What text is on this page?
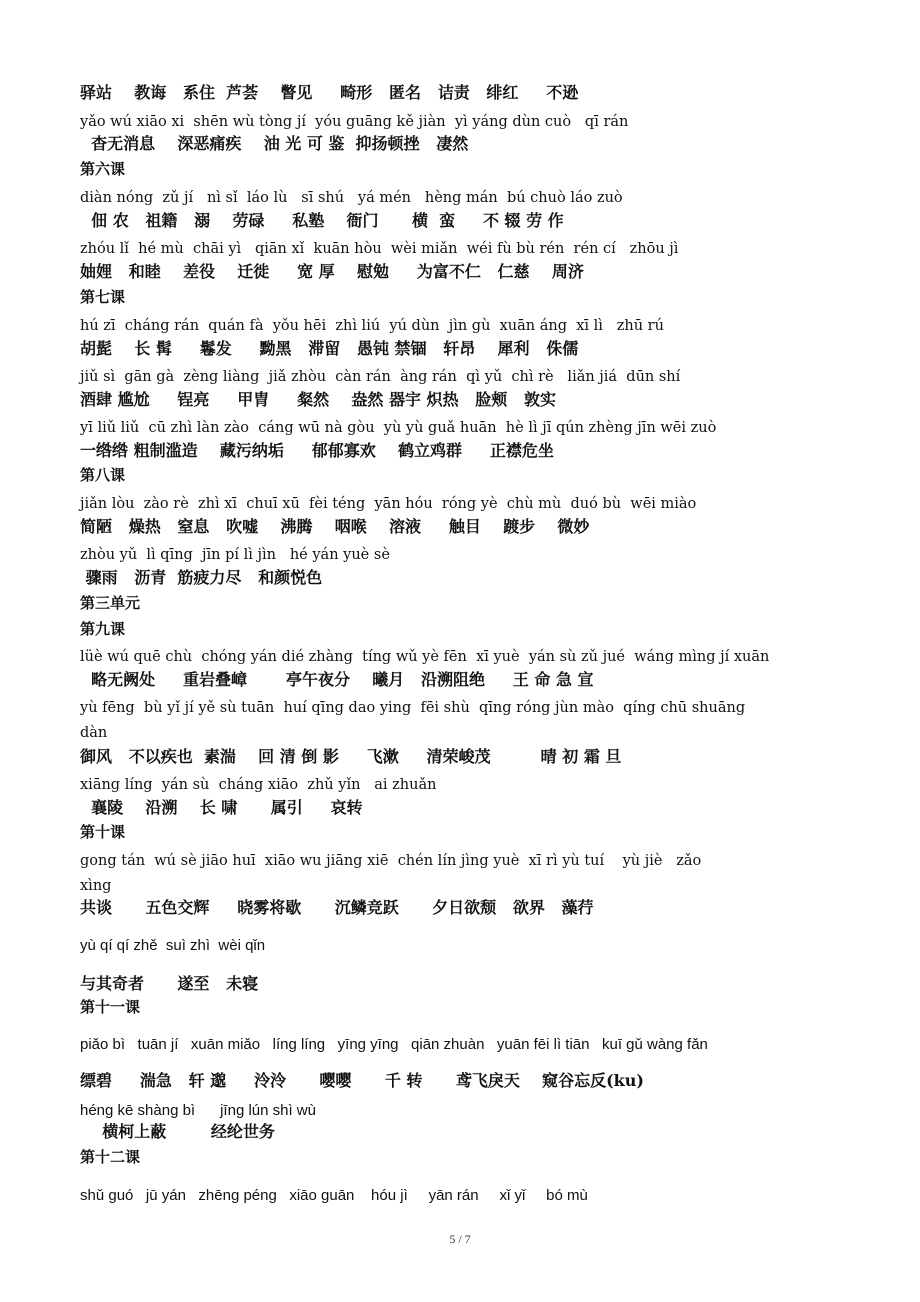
驿站    教诲   系住  芦荟    瞥见     畸形   匿名   诘责   绯红     不逊
yǎo wú xiāo xi  shēn wù tòng jí  yóu guāng kě jiàn  yì yáng dùn cuò   qī rán
杳无消息    深恶痛疾    油 光 可 鉴  抑扬顿挫   凄然
第六课
diàn nóng  zǔ jí   nì sǐ  láo lù   sī shú   yá mén   hèng mán  bú chuò láo zuò
佃 农   祖籍   溺    劳碌     私塾    衙门      横  蛮     不 辍 劳 作
zhóu lǐ  hé mù  chāi yì   qiān xǐ  kuān hòu  wèi miǎn  wéi fù bù rén  rén cí   zhōu jì
妯娌   和睦    差役    迁徙     宽 厚    慰勉     为富不仁   仁慈    周济
第七课
hú zī  cháng rán  quán fà  yǒu hēi  zhì liú  yú dùn  jìn gù  xuān áng  xī lì   zhū rú
胡髭    长 髯     鬈发     黝黑   滞留   愚钝 禁锢   轩昂    犀利   侏儒
jiǔ sì  gān gà  zèng liàng  jiǎ zhòu  càn rán  àng rán  qì yǔ  chì rè   liǎn jiá  dūn shí
酒肆 尴尬     锃亮     甲胄     粲然    盎然 器宇 炽热   脸颊   敦实
yī liǔ liǔ  cū zhì làn zào  cáng wū nà gòu  yù yù guǎ huān  hè lì jī qún zhèng jīn wēi zuò
一绺绺 粗制滥造    藏污纳垢     郁郁寡欢    鹤立鸡群     正襟危坐
第八课
jiǎn lòu  zào rè  zhì xī  chuī xū  fèi téng  yān hóu  róng yè  chù mù  duó bù  wēi miào
简陋   燥热   窒息   吹嘘    沸腾    咽喉    溶液     触目    踱步    微妙
zhòu yǔ  lì qīng  jīn pí lì jìn   hé yán yuè sè
骤雨   沥青  筋疲力尽   和颜悦色
第三单元
第九课
lüè wú quē chù  chóng yán dié zhàng  tíng wǔ yè fēn  xī yuè  yán sù zǔ jué  wáng mìng jí xuān
略无阙处     重岩叠嶂       亭午夜分    曦月   沿溯阻绝     王 命 急 宣
yù fēng  bù yǐ jí yě sù tuān  huí qīng dao ying  fēi shù  qīng róng jùn mào  qíng chū shuāng
dàn
御风   不以疾也  素湍    回 清 倒 影     飞漱     清荣峻茂         晴 初 霜 旦
xiāng líng  yán sù  cháng xiāo  zhǔ yǐn   ai zhuǎn
襄陵    沿溯    长 啸      属引     哀转
第十课
gong tán  wú sè jiāo huī  xiāo wu jiāng xiē  chén lín jìng yuè  xī rì yù tuí    yù jiè   zǎo
xìng
共谈      五色交辉     晓雾将歇      沉鳞竞跃      夕日欲颓   欲界   藻荇
yù qí qí zhě  suì zhì  wèi qǐn
与其奇者      遂至   未寝
第十一课
piǎo bì   tuān jí   xuān miǎo   líng líng   yīng yīng   qiān zhuàn   yuān fēi lì tiān   kuī gǔ wàng fǎn
缥碧     湍急   轩 邈     泠泠      嘤嘤      千 转      鸢飞戾天    窥谷忘反(ku)
héng kē shàng bì      jīng lún shì wù
横柯上蔽        经纶世务
第十二课
shǔ guó   jū yán   zhēng péng   xiāo guān    hóu jì     yān rán     xǐ yǐ     bó mù
5 / 7
